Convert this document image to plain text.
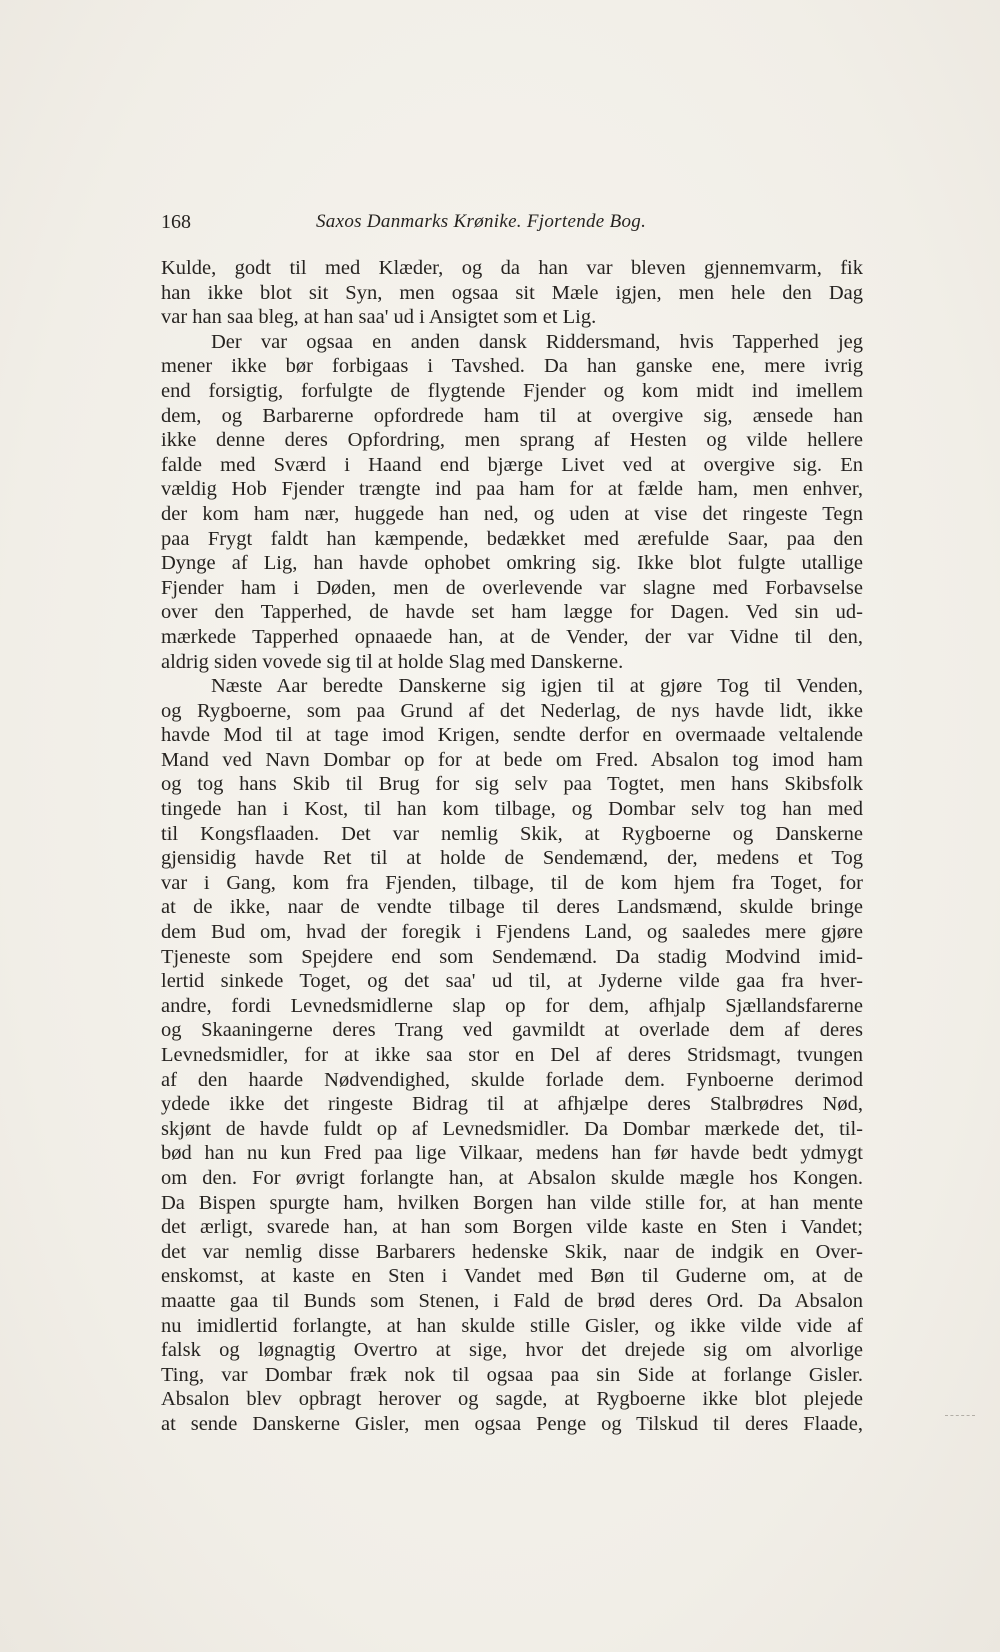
168	Saxos Danmarks Krønike. Fjortende Bog.
Kulde, godt til med Klæder, og da han var bleven gjennemvarm, fik
han ikke blot sit Syn, men ogsaa sit Mæle igjen, men hele den Dag
var han saa bleg, at han saa' ud i Ansigtet som et Lig.
Der var ogsaa en anden dansk Riddersmand, hvis Tapperhed jeg
mener ikke bør forbigaas i Tavshed. Da han ganske ene, mere ivrig
end forsigtig, forfulgte de flygtende Fjender og kom midt ind imellem
dem, og Barbarerne opfordrede ham til at overgive sig, ænsede han
ikke denne deres Opfordring, men sprang af Hesten og vilde hellere
falde med Sværd i Haand end bjærge Livet ved at overgive sig. En
vældig Hob Fjender trængte ind paa ham for at fælde ham, men enhver,
der kom ham nær, huggede han ned, og uden at vise det ringeste Tegn
paa Frygt faldt han kæmpende, bedækket med ærefulde Saar, paa den
Dynge af Lig, han havde ophobet omkring sig. Ikke blot fulgte utallige
Fjender ham i Døden, men de overlevende var slagne med Forbavselse
over den Tapperhed, de havde set ham lægge for Dagen. Ved sin ud-
mærkede Tapperhed opnaaede han, at de Vender, der var Vidne til den,
aldrig siden vovede sig til at holde Slag med Danskerne.
Næste Aar beredte Danskerne sig igjen til at gjøre Tog til Venden,
og Rygboerne, som paa Grund af det Nederlag, de nys havde lidt, ikke
havde Mod til at tage imod Krigen, sendte derfor en overmaade veltalende
Mand ved Navn Dombar op for at bede om Fred. Absalon tog imod ham
og tog hans Skib til Brug for sig selv paa Togtet, men hans Skibsfolk
tingede han i Kost, til han kom tilbage, og Dombar selv tog han med
til Kongsflaaden. Det var nemlig Skik, at Rygboerne og Danskerne
gjensidig havde Ret til at holde de Sendemænd, der, medens et Tog
var i Gang, kom fra Fjenden, tilbage, til de kom hjem fra Toget, for
at de ikke, naar de vendte tilbage til deres Landsmænd, skulde bringe
dem Bud om, hvad der foregik i Fjendens Land, og saaledes mere gjøre
Tjeneste som Spejdere end som Sendemænd. Da stadig Modvind imid-
lertid sinkede Toget, og det saa' ud til, at Jyderne vilde gaa fra hver-
andre, fordi Levnedsmidlerne slap op for dem, afhjalp Sjællandsfarerne
og Skaaningerne deres Trang ved gavmildt at overlade dem af deres
Levnedsmidler, for at ikke saa stor en Del af deres Stridsmagt, tvungen
af den haarde Nødvendighed, skulde forlade dem. Fynboerne derimod
ydede ikke det ringeste Bidrag til at afhjælpe deres Stalbrødres Nød,
skjønt de havde fuldt op af Levnedsmidler. Da Dombar mærkede det, til-
bød han nu kun Fred paa lige Vilkaar, medens han før havde bedt ydmygt
om den. For øvrigt forlangte han, at Absalon skulde mægle hos Kongen.
Da Bispen spurgte ham, hvilken Borgen han vilde stille for, at han mente
det ærligt, svarede han, at han som Borgen vilde kaste en Sten i Vandet;
det var nemlig disse Barbarers hedenske Skik, naar de indgik en Over-
enskomst, at kaste en Sten i Vandet med Bøn til Guderne om, at de
maatte gaa til Bunds som Stenen, i Fald de brød deres Ord. Da Absalon
nu imidlertid forlangte, at han skulde stille Gisler, og ikke vilde vide af
falsk og løgnagtig Overtro at sige, hvor det drejede sig om alvorlige
Ting, var Dombar fræk nok til ogsaa paa sin Side at forlange Gisler.
Absalon blev opbragt herover og sagde, at Rygboerne ikke blot plejede
at sende Danskerne Gisler, men ogsaa Penge og Tilskud til deres Flaade,
